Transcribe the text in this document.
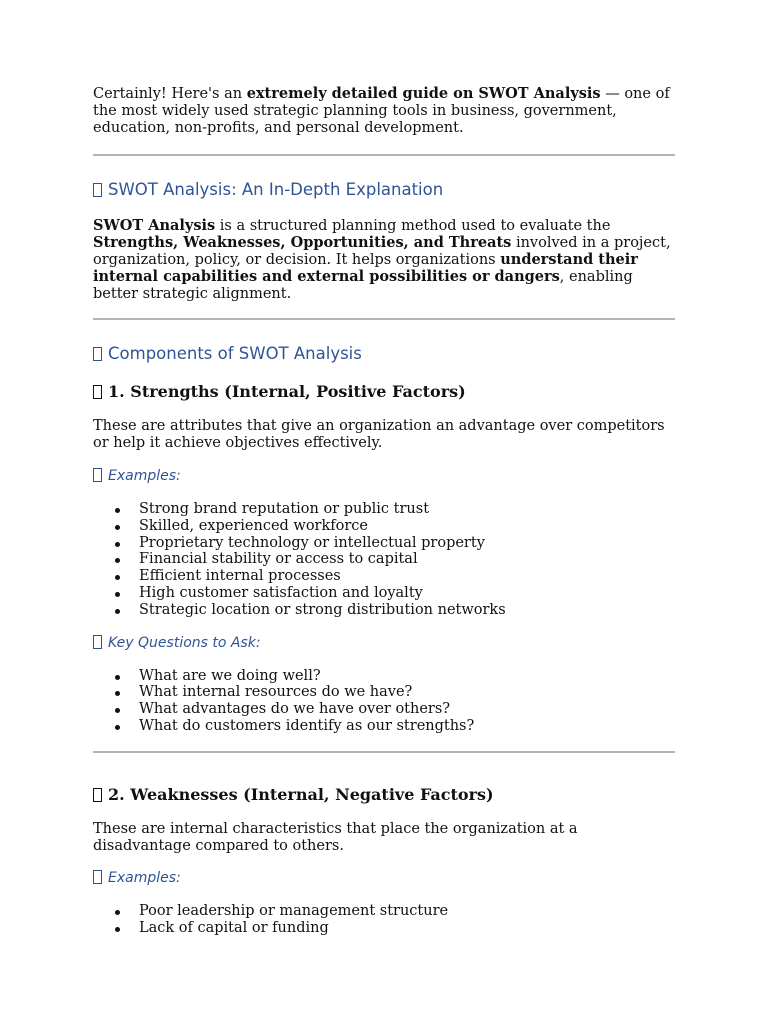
Certainly! Here's an extremely detailed guide on SWOT Analysis — one of the most widely used strategic planning tools in business, government, education, non-profits, and personal development.

SWOT Analysis: An In-Depth Explanation

SWOT Analysis is a structured planning method used to evaluate the Strengths, Weaknesses, Opportunities, and Threats involved in a project, organization, policy, or decision. It helps organizations understand their internal capabilities and external possibilities or dangers, enabling better strategic alignment.

Components of SWOT Analysis
1. Strengths (Internal, Positive Factors)

These are attributes that give an organization an advantage over competitors or help it achieve objectives effectively.

Examples:
Strong brand reputation or public trust
Skilled, experienced workforce
Proprietary technology or intellectual property
Financial stability or access to capital
Efficient internal processes
High customer satisfaction and loyalty
Strategic location or strong distribution networks
Key Questions to Ask:
What are we doing well?
What internal resources do we have?
What advantages do we have over others?
What do customers identify as our strengths?
2. Weaknesses (Internal, Negative Factors)

These are internal characteristics that place the organization at a disadvantage compared to others.

Examples:
Poor leadership or management structure
Lack of capital or funding
